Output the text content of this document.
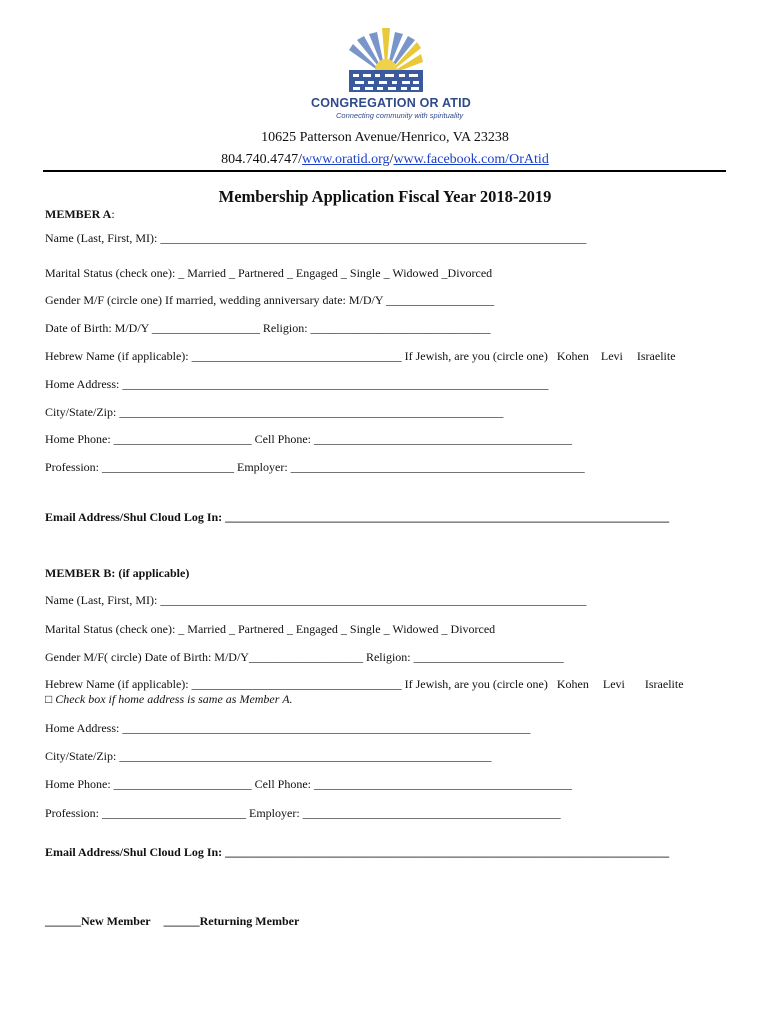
CONGREGATION OR ATID
Connecting community with spirituality
10625 Patterson Avenue/Henrico, VA 23238
804.740.4747/www.oratid.org/www.facebook.com/OrAtid
Membership Application Fiscal Year 2018-2019
MEMBER A:
Name (Last, First, MI): _______________________________________________________________________
Marital Status (check one): _ Married _ Partnered _ Engaged _ Single _ Widowed _Divorced
Gender M/F (circle one) If married, wedding anniversary date: M/D/Y __________________
Date of Birth: M/D/Y __________________ Religion: ______________________________
Hebrew Name (if applicable): ___________________________________ If Jewish, are you (circle one) Kohen Levi Israelite
Home Address: _______________________________________________________________________
City/State/Zip: ________________________________________________________________
Home Phone: _______________________ Cell Phone: ___________________________________________
Profession: ______________________ Employer: _________________________________________________
Email Address/Shul Cloud Log In: __________________________________________________________________________
MEMBER B: (if applicable)
Name (Last, First, MI): _______________________________________________________________________
Marital Status (check one): _ Married _ Partnered _ Engaged _ Single _ Widowed _ Divorced
Gender M/F( circle) Date of Birth: M/D/Y___________________ Religion: _________________________
Hebrew Name (if applicable): ___________________________________ If Jewish, are you (circle one) Kohen Levi Israelite
□ Check box if home address is same as Member A.
Home Address: ____________________________________________________________________
City/State/Zip: ______________________________________________________________
Home Phone: _______________________ Cell Phone: ___________________________________________
Profession: ________________________ Employer: ___________________________________________
Email Address/Shul Cloud Log In: __________________________________________________________________________
______New Member ______Returning Member
